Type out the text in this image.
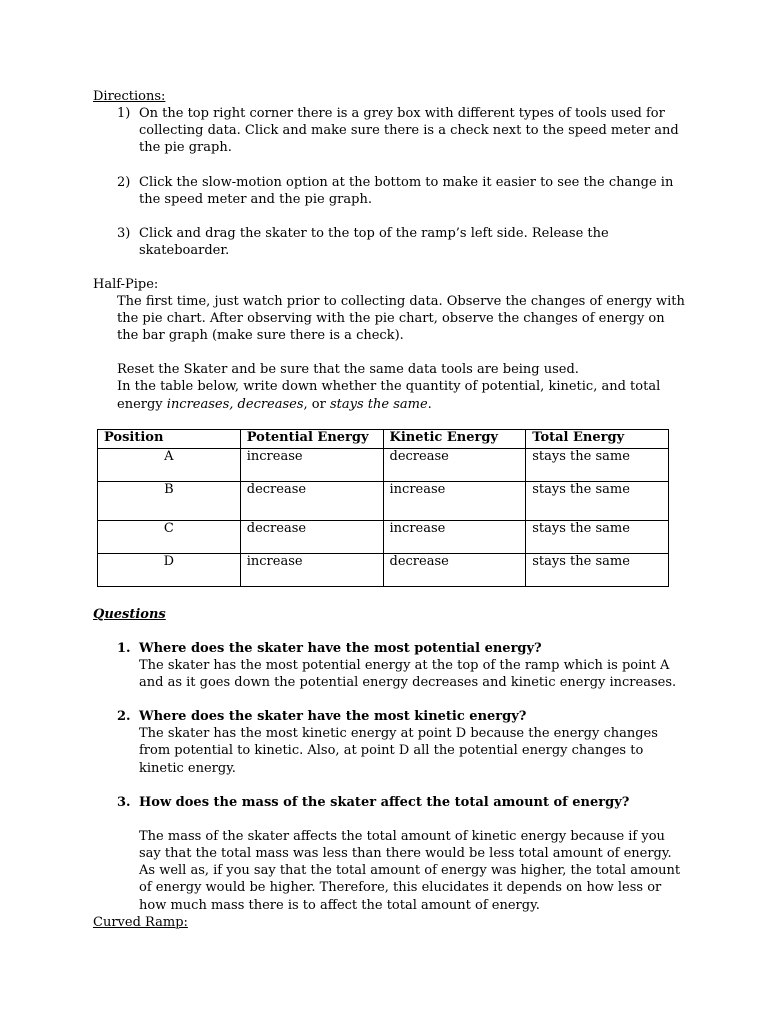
Directions:
1) On the top right corner there is a grey box with different types of tools used for
collecting data. Click and make sure there is a check next to the speed meter and
the pie graph.
2) Click the slow-motion option at the bottom to make it easier to see the change in
the speed meter and the pie graph.
3) Click and drag the skater to the top of the ramp’s left side. Release the
skateboarder.
Half-Pipe:
The first time, just watch prior to collecting data. Observe the changes of energy with
the pie chart. After observing with the pie chart, observe the changes of energy on
the bar graph (make sure there is a check).
Reset the Skater and be sure that the same data tools are being used.
In the table below, write down whether the quantity of potential, kinetic, and total
energy increases, decreases, or stays the same.
Position	Potential Energy	Kinetic Energy	Total Energy
A	increase	decrease	stays the same
B	decrease	increase	stays the same
C	decrease	increase	stays the same
D	increase	decrease	stays the same
Questions
1. Where does the skater have the most potential energy?
The skater has the most potential energy at the top of the ramp which is point A
and as it goes down the potential energy decreases and kinetic energy increases.
2. Where does the skater have the most kinetic energy?
The skater has the most kinetic energy at point D because the energy changes
from potential to kinetic. Also, at point D all the potential energy changes to
kinetic energy.
3. How does the mass of the skater affect the total amount of energy?
The mass of the skater affects the total amount of kinetic energy because if you
say that the total mass was less than there would be less total amount of energy.
As well as, if you say that the total amount of energy was higher, the total amount
of energy would be higher. Therefore, this elucidates it depends on how less or
how much mass there is to affect the total amount of energy.
Curved Ramp:
